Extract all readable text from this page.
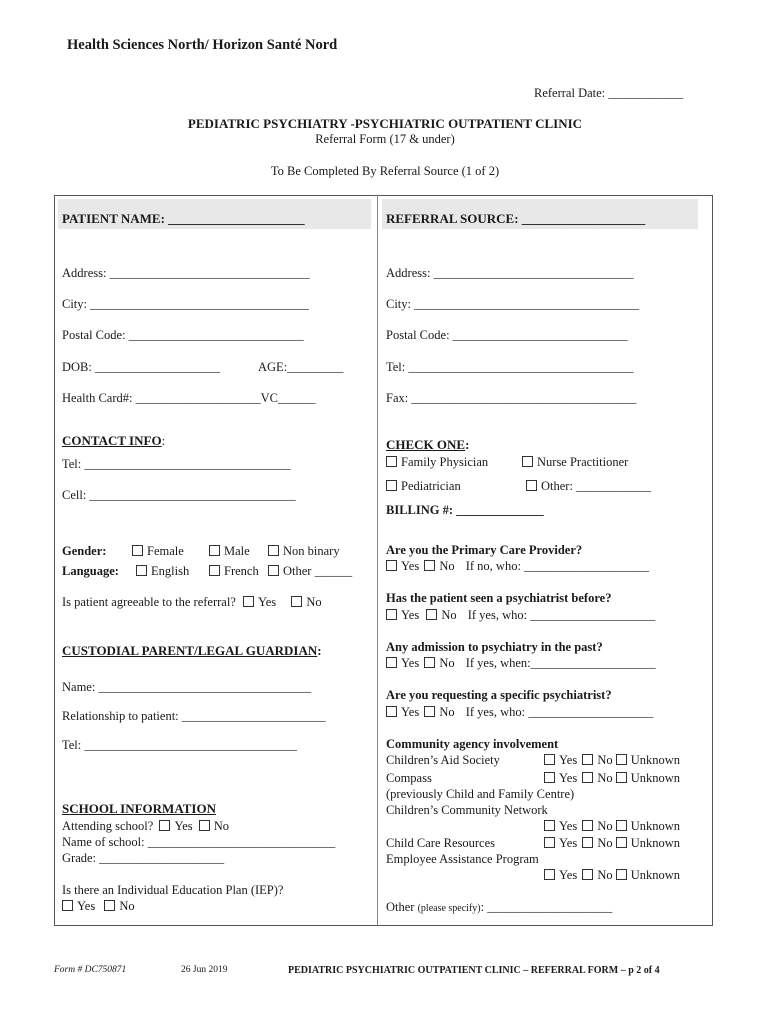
Health Sciences North/ Horizon Santé Nord
Referral Date: ____________
PEDIATRIC PSYCHIATRY -PSYCHIATRIC OUTPATIENT CLINIC
Referral Form (17 & under)
To Be Completed By Referral Source (1 of 2)
PATIENT NAME: _____________________
Address: ________________________________
City: ___________________________________
Postal Code: ____________________________
DOB: ____________________	AGE:_________
Health Card#: ____________________VC______
CONTACT INFO:
Tel: _________________________________
Cell: _________________________________
Gender:	Female	Male	Non binary
Language:	English	French	Other ______
Is patient agreeable to the referral? Yes No
CUSTODIAL PARENT/LEGAL GUARDIAN:
Name: __________________________________
Relationship to patient: _______________________
Tel: __________________________________
SCHOOL INFORMATION
Attending school? Yes No
Name of school: ______________________________
Grade: ____________________
Is there an Individual Education Plan (IEP)?
Yes No
REFERRAL SOURCE: ___________________
Address: ________________________________
City: ____________________________________
Postal Code: ____________________________
Tel: ____________________________________
Fax: ____________________________________
CHECK ONE:
Family Physician	Nurse Practitioner
Pediatrician	Other: ____________
BILLING #: ______________
Are you the Primary Care Provider?
Yes No If no, who: ____________________
Has the patient seen a psychiatrist before?
Yes No If yes, who: ____________________
Any admission to psychiatry in the past?
Yes No If yes, when:____________________
Are you requesting a specific psychiatrist?
Yes No If yes, who: ____________________
Community agency involvement
Children’s Aid Society	Yes No Unknown
Compass	Yes No Unknown
(previously Child and Family Centre)
Children’s Community Network
Yes No Unknown
Child Care Resources	Yes No Unknown
Employee Assistance Program
Yes No Unknown
Other (please specify): ____________________
Form # DC750871	26 Jun 2019	PEDIATRIC PSYCHIATRIC OUTPATIENT CLINIC – REFERRAL FORM – p 2 of 4
